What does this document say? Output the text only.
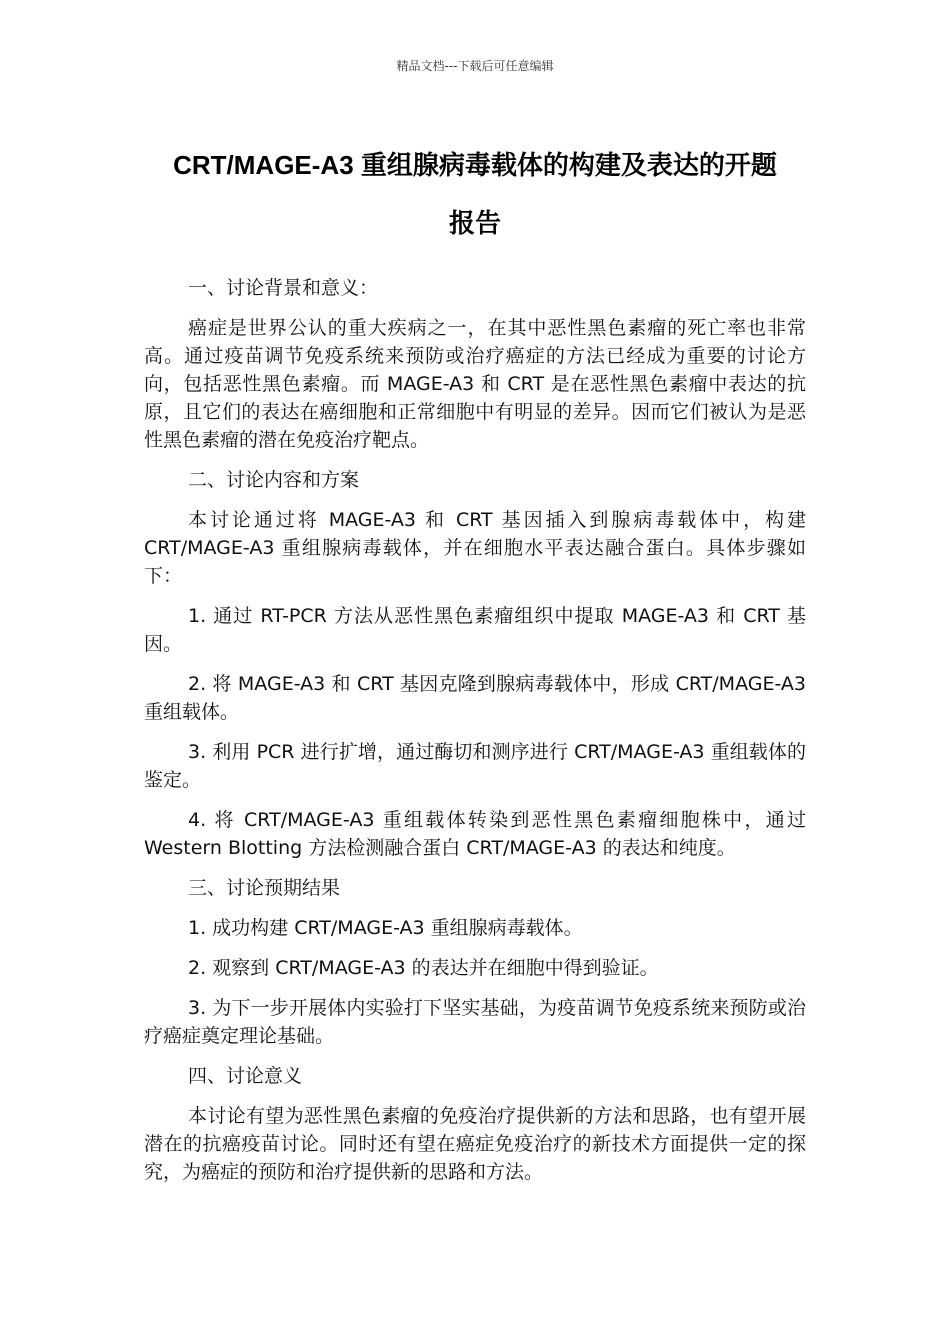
精品文档---下载后可任意编辑
CRT/MAGE-A3 重组腺病毒载体的构建及表达的开题
报告

一、讨论背景和意义：

癌症是世界公认的重大疾病之一，在其中恶性黑色素瘤的死亡率也非常高。通过疫苗调节免疫系统来预防或治疗癌症的方法已经成为重要的讨论方向，包括恶性黑色素瘤。而 MAGE-A3 和 CRT 是在恶性黑色素瘤中表达的抗原，且它们的表达在癌细胞和正常细胞中有明显的差异。因而它们被认为是恶性黑色素瘤的潜在免疫治疗靶点。

二、讨论内容和方案

本讨论通过将 MAGE-A3 和 CRT 基因插入到腺病毒载体中，构建 CRT/MAGE-A3 重组腺病毒载体，并在细胞水平表达融合蛋白。具体步骤如下：

1. 通过 RT-PCR 方法从恶性黑色素瘤组织中提取 MAGE-A3 和 CRT 基因。

2. 将 MAGE-A3 和 CRT 基因克隆到腺病毒载体中，形成 CRT/MAGE-A3 重组载体。

3. 利用 PCR 进行扩增，通过酶切和测序进行 CRT/MAGE-A3 重组载体的鉴定。

4. 将 CRT/MAGE-A3 重组载体转染到恶性黑色素瘤细胞株中，通过 Western Blotting 方法检测融合蛋白 CRT/MAGE-A3 的表达和纯度。

三、讨论预期结果

1. 成功构建 CRT/MAGE-A3 重组腺病毒载体。

2. 观察到 CRT/MAGE-A3 的表达并在细胞中得到验证。

3. 为下一步开展体内实验打下坚实基础，为疫苗调节免疫系统来预防或治疗癌症奠定理论基础。

四、讨论意义

本讨论有望为恶性黑色素瘤的免疫治疗提供新的方法和思路，也有望开展潜在的抗癌疫苗讨论。同时还有望在癌症免疫治疗的新技术方面提供一定的探究，为癌症的预防和治疗提供新的思路和方法。
